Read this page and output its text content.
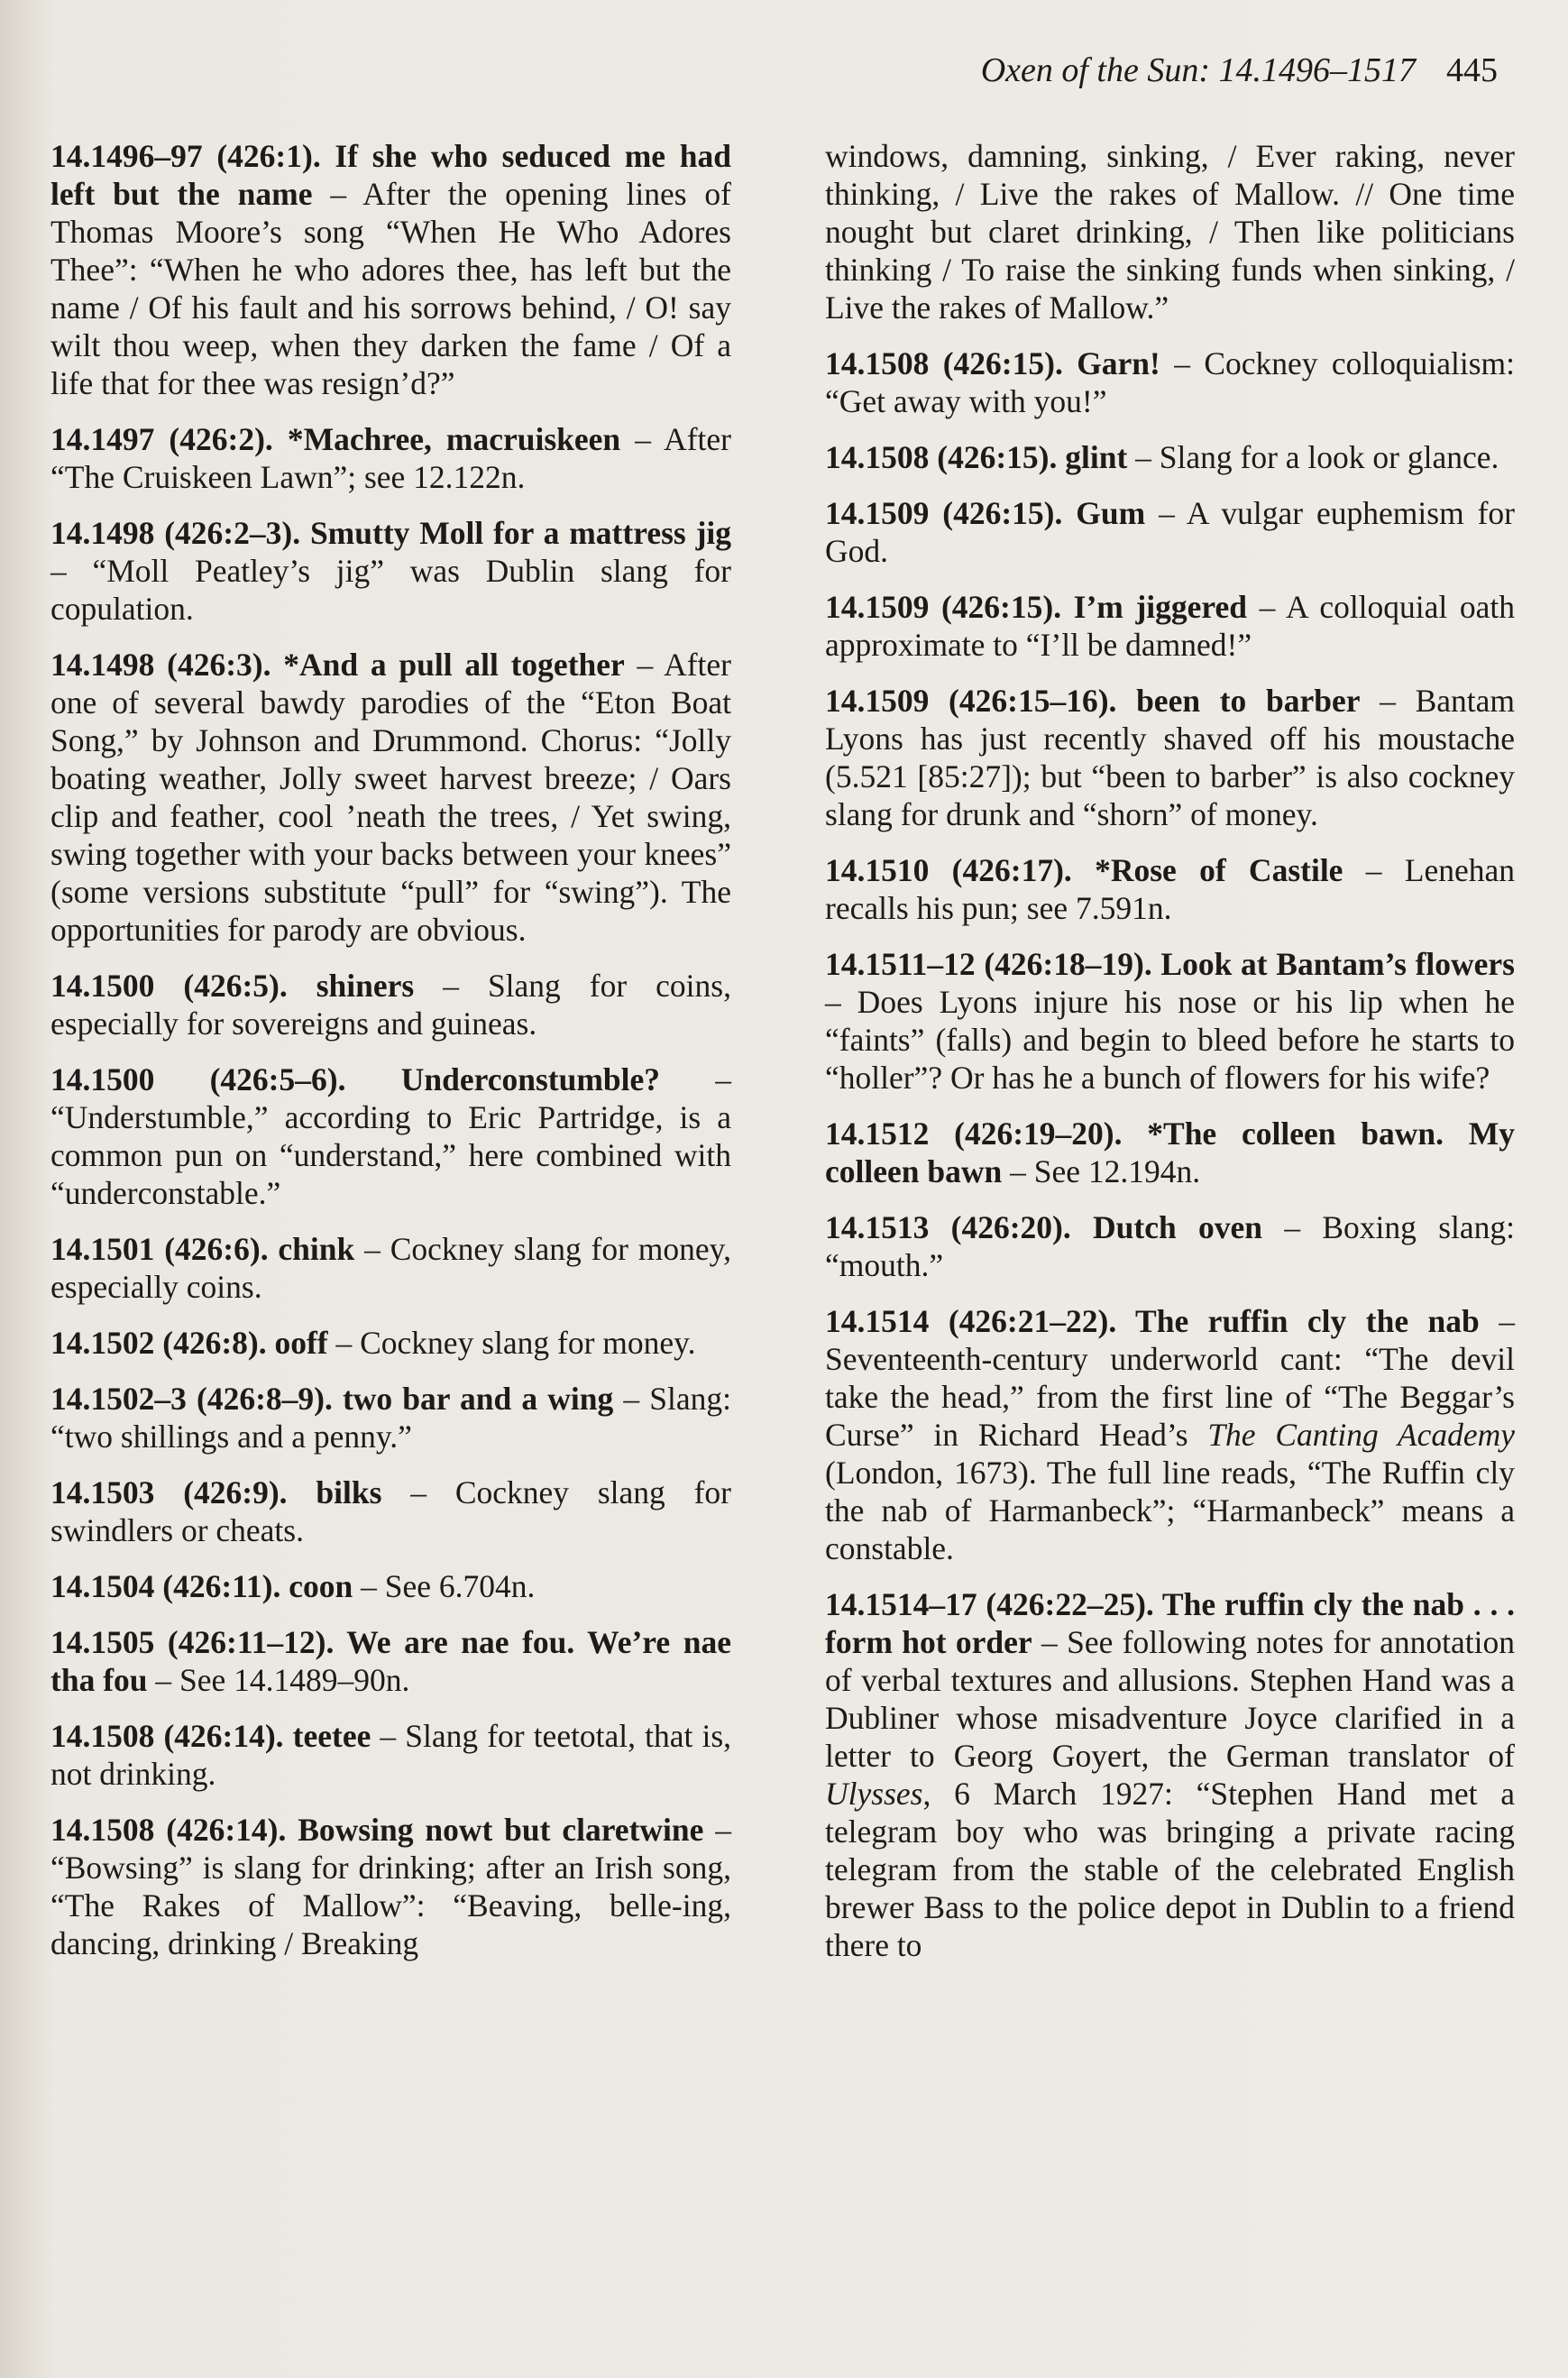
Oxen of the Sun: 14.1496–1517 445

14.1496–97 (426:1). If she who seduced me had left but the name – After the opening lines of Thomas Moore’s song “When He Who Adores Thee”: “When he who adores thee, has left but the name / Of his fault and his sorrows behind, / O! say wilt thou weep, when they darken the fame / Of a life that for thee was resign’d?”

14.1497 (426:2). *Machree, macruiskeen – After “The Cruiskeen Lawn”; see 12.122n.

14.1498 (426:2–3). Smutty Moll for a mattress jig – “Moll Peatley’s jig” was Dublin slang for copulation.

14.1498 (426:3). *And a pull all together – After one of several bawdy parodies of the “Eton Boat Song,” by Johnson and Drummond. Chorus: “Jolly boating weather, Jolly sweet harvest breeze; / Oars clip and feather, cool ’neath the trees, / Yet swing, swing together with your backs between your knees” (some versions substitute “pull” for “swing”). The opportunities for parody are obvious.

14.1500 (426:5). shiners – Slang for coins, especially for sovereigns and guineas.

14.1500 (426:5–6). Underconstumble? – “Understumble,” according to Eric Partridge, is a common pun on “understand,” here combined with “underconstable.”

14.1501 (426:6). chink – Cockney slang for money, especially coins.

14.1502 (426:8). ooff – Cockney slang for money.

14.1502–3 (426:8–9). two bar and a wing – Slang: “two shillings and a penny.”

14.1503 (426:9). bilks – Cockney slang for swindlers or cheats.

14.1504 (426:11). coon – See 6.704n.

14.1505 (426:11–12). We are nae fou. We’re nae tha fou – See 14.1489–90n.

14.1508 (426:14). teetee – Slang for teetotal, that is, not drinking.

14.1508 (426:14). Bowsing nowt but claretwine – “Bowsing” is slang for drinking; after an Irish song, “The Rakes of Mallow”: “Beaving, belle-ing, dancing, drinking / Breaking

windows, damning, sinking, / Ever raking, never thinking, / Live the rakes of Mallow. // One time nought but claret drinking, / Then like politicians thinking / To raise the sinking funds when sinking, / Live the rakes of Mallow.”

14.1508 (426:15). Garn! – Cockney colloquialism: “Get away with you!”

14.1508 (426:15). glint – Slang for a look or glance.

14.1509 (426:15). Gum – A vulgar euphemism for God.

14.1509 (426:15). I’m jiggered – A colloquial oath approximate to “I’ll be damned!”

14.1509 (426:15–16). been to barber – Bantam Lyons has just recently shaved off his moustache (5.521 [85:27]); but “been to barber” is also cockney slang for drunk and “shorn” of money.

14.1510 (426:17). *Rose of Castile – Lenehan recalls his pun; see 7.591n.

14.1511–12 (426:18–19). Look at Bantam’s flowers – Does Lyons injure his nose or his lip when he “faints” (falls) and begin to bleed before he starts to “holler”? Or has he a bunch of flowers for his wife?

14.1512 (426:19–20). *The colleen bawn. My colleen bawn – See 12.194n.

14.1513 (426:20). Dutch oven – Boxing slang: “mouth.”

14.1514 (426:21–22). The ruffin cly the nab – Seventeenth-century underworld cant: “The devil take the head,” from the first line of “The Beggar’s Curse” in Richard Head’s The Canting Academy (London, 1673). The full line reads, “The Ruffin cly the nab of Harmanbeck”; “Harmanbeck” means a constable.

14.1514–17 (426:22–25). The ruffin cly the nab . . . form hot order – See following notes for annotation of verbal textures and allusions. Stephen Hand was a Dubliner whose misadventure Joyce clarified in a letter to Georg Goyert, the German translator of Ulysses, 6 March 1927: “Stephen Hand met a telegram boy who was bringing a private racing telegram from the stable of the celebrated English brewer Bass to the police depot in Dublin to a friend there to
